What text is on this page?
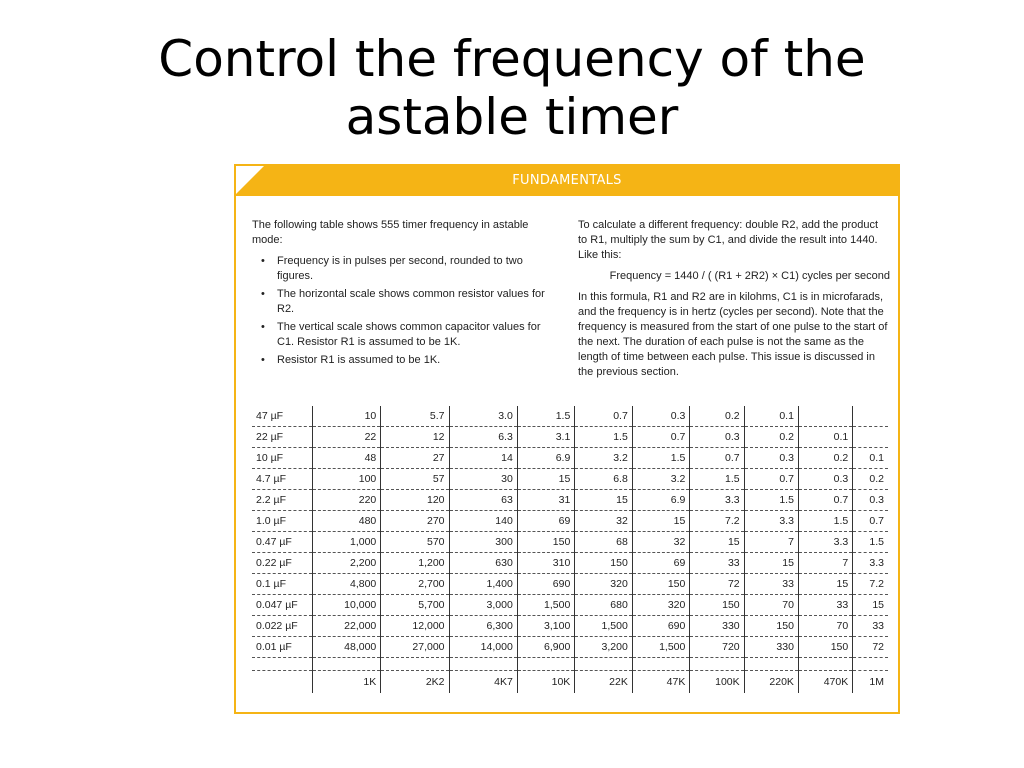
Control the frequency of the
astable timer
FUNDAMENTALS

The following table shows 555 timer frequency in astable mode:

• Frequency is in pulses per second, rounded to two figures.
• The horizontal scale shows common resistor values for R2.
• The vertical scale shows common capacitor values for C1. Resistor R1 is assumed to be 1K.
• Resistor R1 is assumed to be 1K.

To calculate a different frequency: double R2, add the product to R1, multiply the sum by C1, and divide the result into 1440. Like this:

Frequency = 1440 / ( (R1 + 2R2) × C1) cycles per second

In this formula, R1 and R2 are in kilohms, C1 is in microfarads, and the frequency is in hertz (cycles per second). Note that the frequency is measured from the start of one pulse to the start of the next. The duration of each pulse is not the same as the length of time between each pulse. This issue is discussed in the previous section.

47 µF	10	5.7	3.0	1.5	0.7	0.3	0.2	0.1		
22 µF	22	12	6.3	3.1	1.5	0.7	0.3	0.2	0.1	
10 µF	48	27	14	6.9	3.2	1.5	0.7	0.3	0.2	0.1
4.7 µF	100	57	30	15	6.8	3.2	1.5	0.7	0.3	0.2
2.2 µF	220	120	63	31	15	6.9	3.3	1.5	0.7	0.3
1.0 µF	480	270	140	69	32	15	7.2	3.3	1.5	0.7
0.47 µF	1,000	570	300	150	68	32	15	7	3.3	1.5
0.22 µF	2,200	1,200	630	310	150	69	33	15	7	3.3
0.1 µF	4,800	2,700	1,400	690	320	150	72	33	15	7.2
0.047 µF	10,000	5,700	3,000	1,500	680	320	150	70	33	15
0.022 µF	22,000	12,000	6,300	3,100	1,500	690	330	150	70	33
0.01 µF	48,000	27,000	14,000	6,900	3,200	1,500	720	330	150	72

	1K	2K2	4K7	10K	22K	47K	100K	220K	470K	1M
